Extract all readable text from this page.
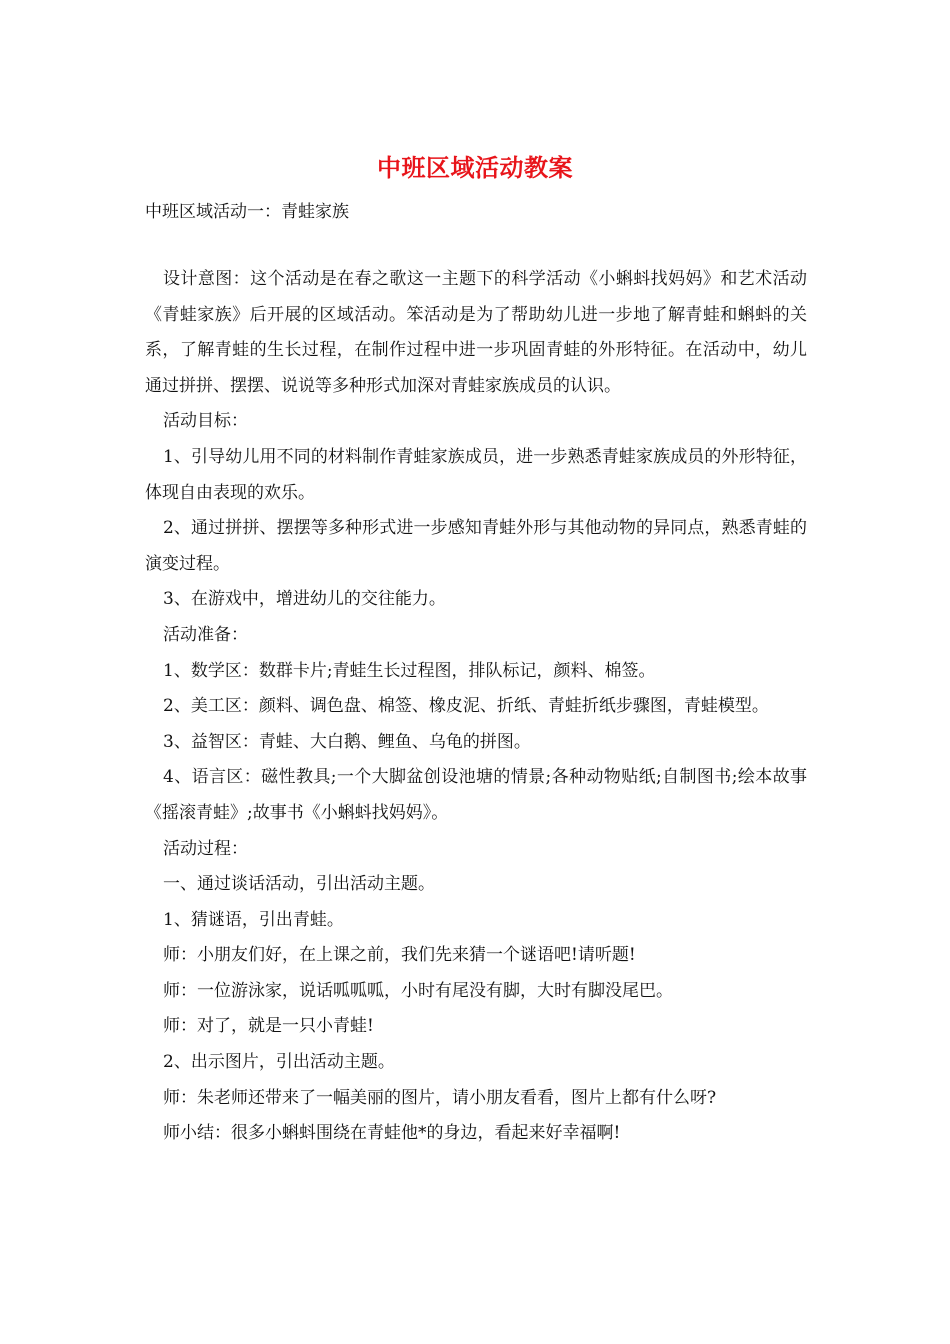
中班区域活动教案
中班区域活动一：青蛙家族

设计意图：这个活动是在春之歌这一主题下的科学活动《小蝌蚪找妈妈》和艺术活动《青蛙家族》后开展的区域活动。笨活动是为了帮助幼儿进一步地了解青蛙和蝌蚪的关系，了解青蛙的生长过程，在制作过程中进一步巩固青蛙的外形特征。在活动中，幼儿通过拼拼、摆摆、说说等多种形式加深对青蛙家族成员的认识。

活动目标：

1、引导幼儿用不同的材料制作青蛙家族成员，进一步熟悉青蛙家族成员的外形特征，体现自由表现的欢乐。

2、通过拼拼、摆摆等多种形式进一步感知青蛙外形与其他动物的异同点，熟悉青蛙的演变过程。

3、在游戏中，增进幼儿的交往能力。

活动准备：

1、数学区：数群卡片;青蛙生长过程图，排队标记，颜料、棉签。

2、美工区：颜料、调色盘、棉签、橡皮泥、折纸、青蛙折纸步骤图，青蛙模型。

3、益智区：青蛙、大白鹅、鲤鱼、乌龟的拼图。

4、语言区：磁性教具;一个大脚盆创设池塘的情景;各种动物贴纸;自制图书;绘本故事《摇滚青蛙》;故事书《小蝌蚪找妈妈》。

活动过程：

一、通过谈话活动，引出活动主题。

1、猜谜语，引出青蛙。

师：小朋友们好，在上课之前，我们先来猜一个谜语吧!请听题!

师：一位游泳家，说话呱呱呱，小时有尾没有脚，大时有脚没尾巴。

师：对了，就是一只小青蛙!

2、出示图片，引出活动主题。

师：朱老师还带来了一幅美丽的图片，请小朋友看看，图片上都有什么呀?

师小结：很多小蝌蚪围绕在青蛙他*的身边，看起来好幸福啊!
